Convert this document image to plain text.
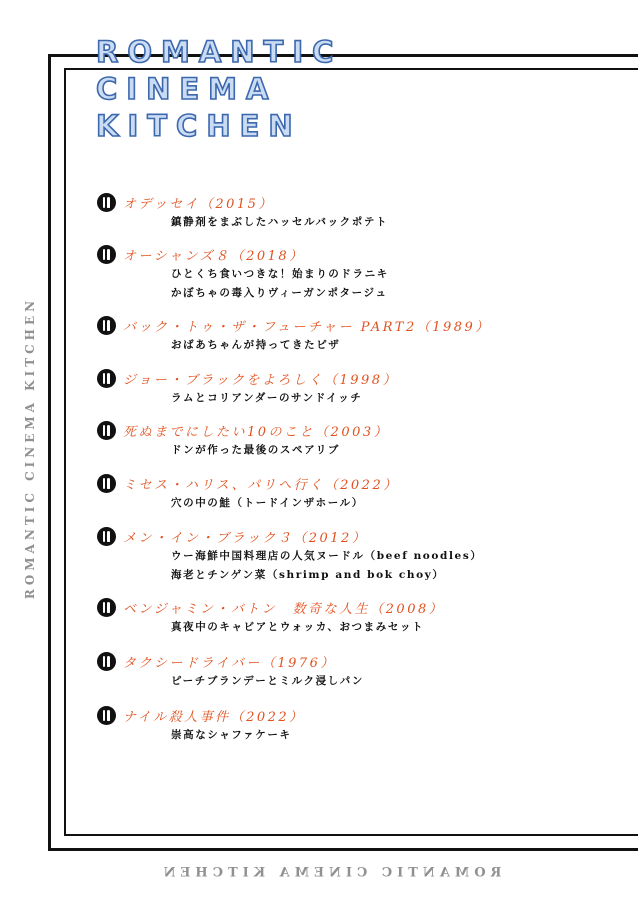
ROMANTIC
CINEMA
KITCHEN
ROMANTIC CINEMA KITCHEN
ROMANTIC CINEMA KITCHEN
オデッセイ（2015）
鎮静剤をまぶしたハッセルバックポテト
オーシャンズ８（2018）
ひとくち食いつきな！始まりのドラニキ
かぼちゃの毒入りヴィーガンポタージュ
バック・トゥ・ザ・フューチャー PART2（1989）
おばあちゃんが持ってきたピザ
ジョー・ブラックをよろしく（1998）
ラムとコリアンダーのサンドイッチ
死ぬまでにしたい10のこと（2003）
ドンが作った最後のスペアリブ
ミセス・ハリス、パリへ行く（2022）
穴の中の鮭（トードインザホール）
メン・イン・ブラック３（2012）
ウー海鮮中国料理店の人気ヌードル（beef noodles）
海老とチンゲン菜（shrimp and bok choy）
ベンジャミン・バトン　数奇な人生（2008）
真夜中のキャビアとウォッカ、おつまみセット
タクシードライバー（1976）
ピーチブランデーとミルク浸しパン
ナイル殺人事件（2022）
崇高なシャファケーキ
